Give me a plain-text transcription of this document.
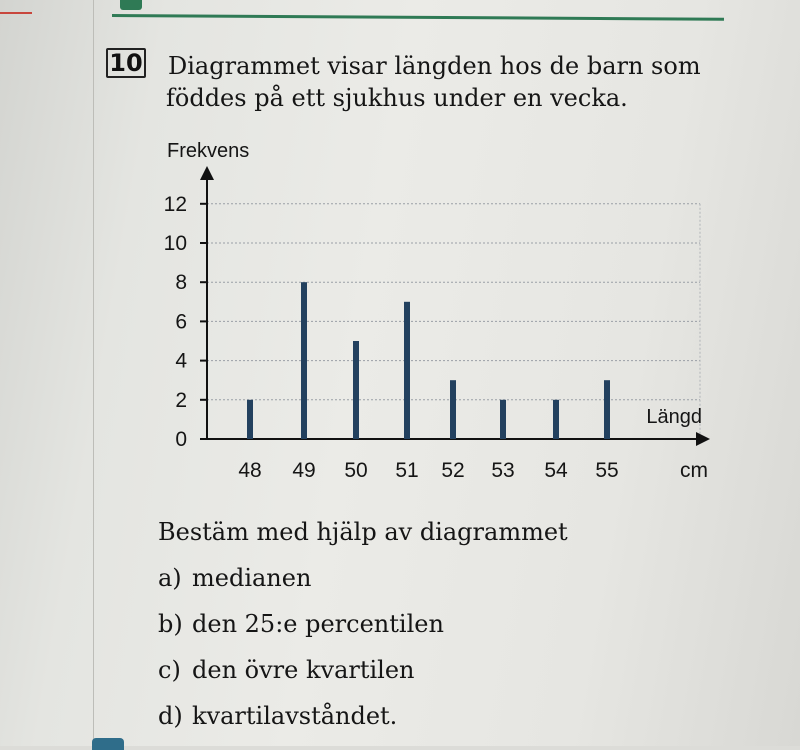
10 Diagrammet visar längden hos de barn som
föddes på ett sjukhus under en vecka.
0
2
4
6
8
10
12
Frekvens
48 49 50 51 52 53 54 55
Längd
cm
Bestäm med hjälp av diagrammet
a) medianen
b) den 25:e percentilen
c) den övre kvartilen
d) kvartilavståndet.
